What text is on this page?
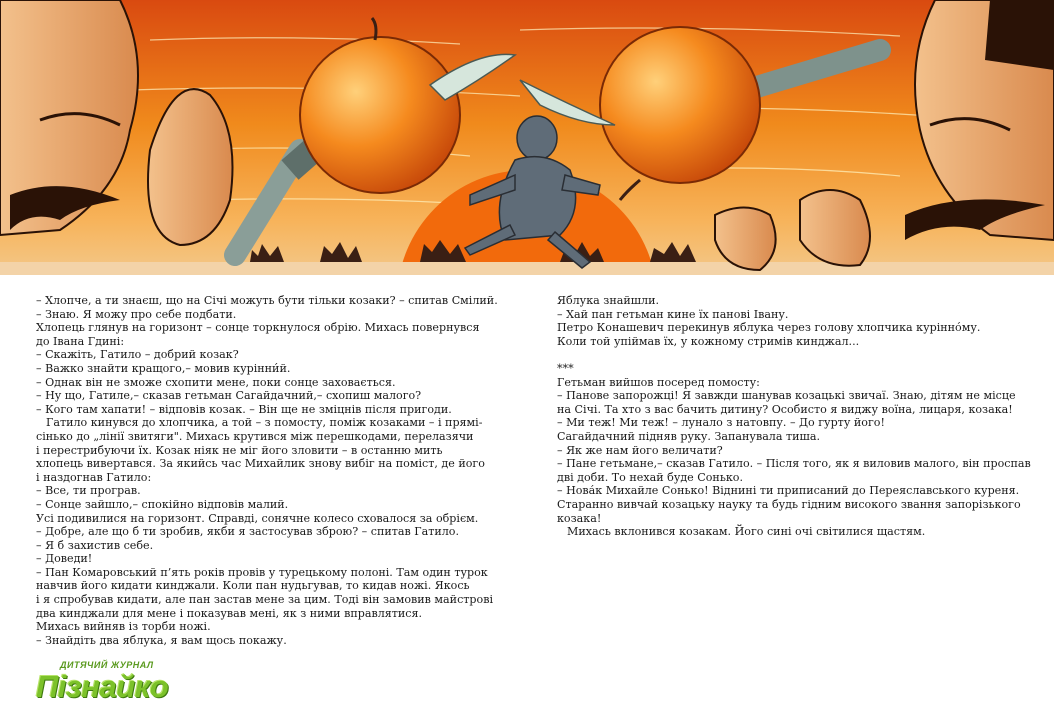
– Хлопче, а ти знаєш, що на Січі можуть бути тільки козаки? – спитав Смілий.

– Знаю. Я можу про себе подбати.

Хлопець глянув на горизонт – сонце торкнулося обрію. Михась повернувся

до Івана Гдині:

– Скажіть, Гатило – добрий козак?

– Важко знайти кращого,– мовив курінни́й.

– Однак він не зможе схопити мене, поки сонце заховається.

– Ну що, Гатиле,– сказав гетьман Сагайдачний,– схопиш малого?

– Кого там хапати! – відповів козак. – Він ще не зміцнів після пригоди.

Гатило кинувся до хлопчика, а той – з помосту, поміж козаками – і прямі-

сінько до „лінії звитяги". Михась крутився між перешкодами, перелазячи

і перестрибуючи їх. Козак ніяк не міг його зловити – в останню мить

хлопець вивертався. За якийсь час Михайлик знову вибіг на поміст, де його

і наздогнав Гатило:

– Все, ти програв.

– Сонце зайшло,– спокійно відповів малий.

Усі подивилися на горизонт. Справді, сонячне колесо сховалося за обрієм.

– Добре, але що б ти зробив, якби я застосував зброю? – спитав Гатило.

– Я б захистив себе.

– Доведи!

– Пан Комаровський п’ять років провів у турецькому полоні. Там один турок

навчив його кидати кинджали. Коли пан нудьгував, то кидав ножі. Якось

і я спробував кидати, але пан застав мене за цим. Тоді він замовив майстрові

два кинджали для мене і показував мені, як з ними вправлятися.

Михась вийняв із торби ножі.

– Знайдіть два яблука, я вам щось покажу.

Яблука знайшли.

– Хай пан гетьман кине їх панові Івану.

Петро Конашевич перекинув яблука через голову хлопчика курінно́му.

Коли той упіймав їх, у кожному стримів кинджал...

***

Гетьман вийшов посеред помосту:

– Панове запорожці! Я завжди шанував козацькі звичаї. Знаю, дітям не місце

на Січі. Та хто з вас бачить дитину? Особисто я виджу воїна, лицаря, козака!

– Ми теж! Ми теж! – лунало з натовпу. – До гурту його!

Сагайдачний підняв руку. Запанувала тиша.

– Як же нам його величати?

– Пане гетьмане,– сказав Гатило. – Після того, як я виловив малого, він проспав

дві доби. То нехай буде Сонько.

– Нова́к Михайле Сонько! Віднині ти приписаний до Переяславського куреня.

Старанно вивчай козацьку науку та будь гідним високого звання запорізького

козака!

Михась вклонився козакам. Його сині очі світилися щастям.

ДИТЯЧИЙ ЖУРНАЛ
Пізнайко
